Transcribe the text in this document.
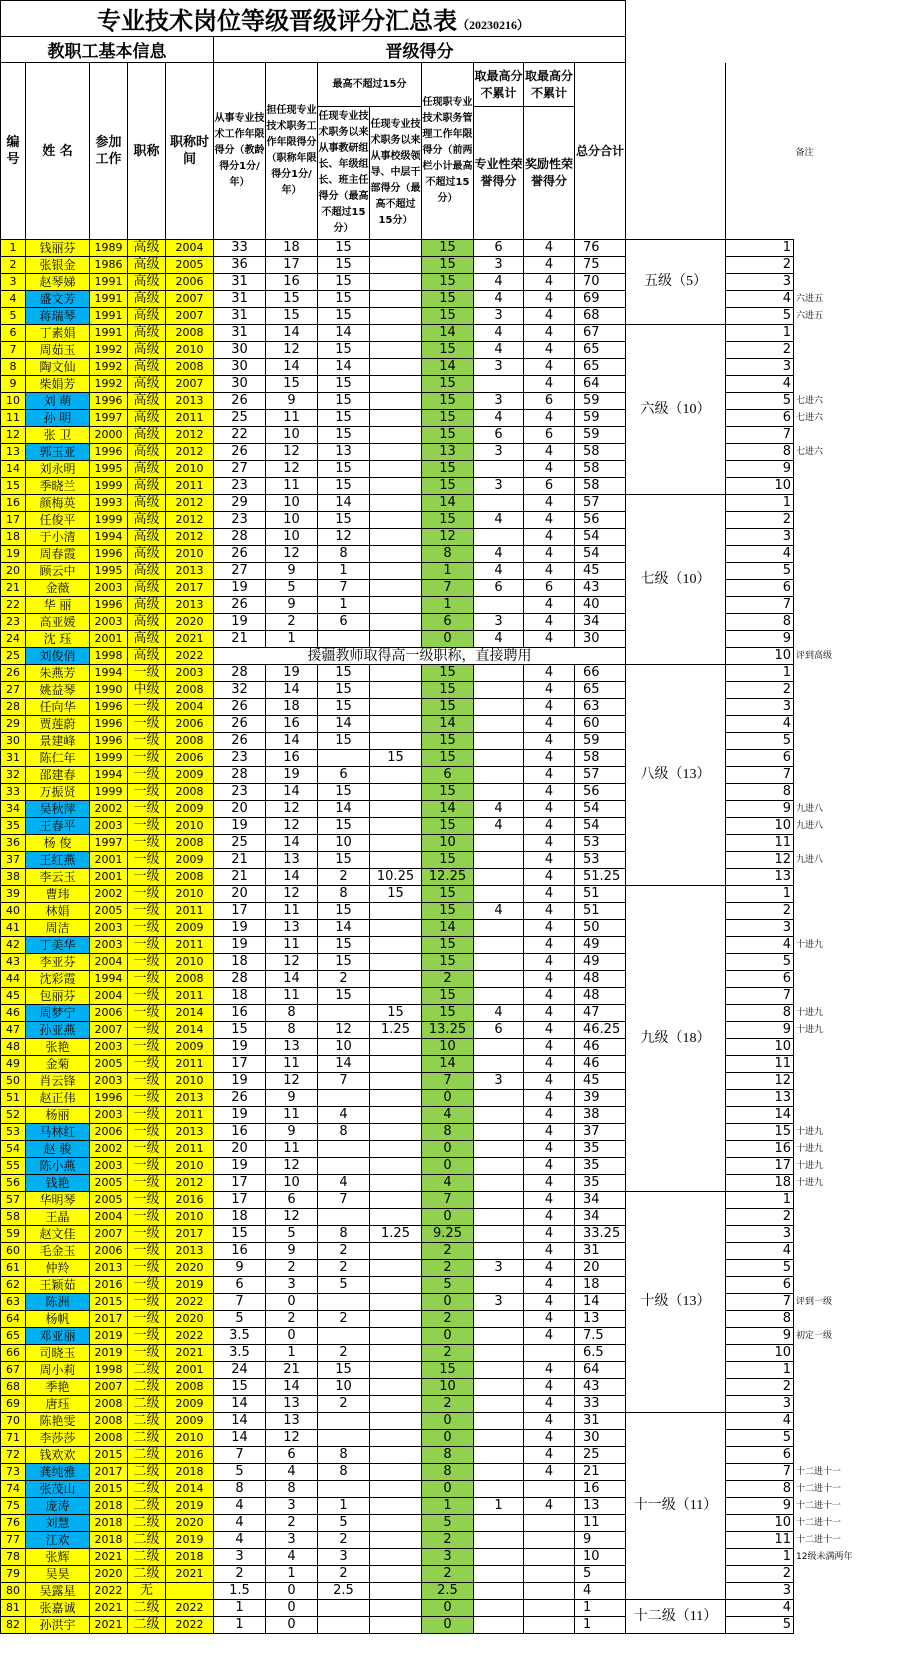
专业技术岗位等级晋级评分汇总表（20230216）															
教职工基本信息					晋级得分										
编号	姓 名	参加工作	职称	职称时间	从事专业技术工作年限得分（教龄得分1分/年）	担任现专业技术职务工作年限得分（职称年限得分1分/年）	最高不超过15分		任现职专业技术职务管理工作年限得分（前两栏小计最高不超过15分）	取最高分不累计	取最高分不累计	总分合计			备注
							任现专业技术职务以来从事教研组长、年级组长、班主任得分（最高不超过15分）	任现专业技术职务以来从事校级领导、中层干部得分（最高不超过15分）		专业性荣誉得分	奖励性荣誉得分				
1	钱丽芬	1989	高级	2004	33	18	15		15	6	4	76	五级（5）	1	
2	张银金	1986	高级	2005	36	17	15		15	3	4	75		2	
3	赵琴娣	1991	高级	2006	31	16	15		15	4	4	70		3	
4	盛文芳	1991	高级	2007	31	15	15		15	4	4	69		4	六进五
5	蒋瑞琴	1991	高级	2007	31	15	15		15	3	4	68		5	六进五
6	丁素娟	1991	高级	2008	31	14	14		14	4	4	67	六级（10）	1	
7	周茹玉	1992	高级	2010	30	12	15		15	4	4	65		2	
8	陶文仙	1992	高级	2008	30	14	14		14	3	4	65		3	
9	柴娟芳	1992	高级	2007	30	15	15		15		4	64		4	
10	刘 萌	1996	高级	2013	26	9	15		15	3	6	59		5	七进六
11	孙 明	1997	高级	2011	25	11	15		15	4	4	59		6	七进六
12	张 卫	2000	高级	2012	22	10	15		15	6	6	59		7	
13	郭玉亚	1996	高级	2012	26	12	13		13	3	4	58		8	七进六
14	刘永明	1995	高级	2010	27	12	15		15		4	58		9	
15	季晓兰	1999	高级	2011	23	11	15		15	3	6	58		10	
16	颜梅英	1993	高级	2012	29	10	14		14		4	57	七级（10）	1	
17	任俊平	1999	高级	2012	23	10	15		15	4	4	56		2	
18	于小清	1994	高级	2012	28	10	12		12		4	54		3	
19	周春霞	1996	高级	2010	26	12	8		8	4	4	54		4	
20	顾云中	1995	高级	2013	27	9	1		1	4	4	45		5	
21	金薇	2003	高级	2017	19	5	7		7	6	6	43		6	
22	华 丽	1996	高级	2013	26	9	1		1		4	40		7	
23	高亚媛	2003	高级	2020	19	2	6		6	3	4	34		8	
24	沈 珏	2001	高级	2021	21	1			0	4	4	30		9	
25	刘俊俏	1998	高级	2022	援疆教师取得高一级职称，直接聘用									10	评到高级
26	朱燕芳	1994	一级	2003	28	19	15		15		4	66	八级（13）	1	
27	姚益琴	1990	中级	2008	32	14	15		15		4	65		2	
28	任向华	1996	一级	2004	26	18	15		15		4	63		3	
29	贾莲蔚	1996	一级	2006	26	16	14		14		4	60		4	
30	景建峰	1996	一级	2008	26	14	15		15		4	59		5	
31	陈仁年	1999	一级	2006	23	16		15	15		4	58		6	
32	邵建春	1994	一级	2009	28	19	6		6		4	57		7	
33	万振贤	1999	一级	2008	23	14	15		15		4	56		8	
34	吴秋萍	2002	一级	2009	20	12	14		14	4	4	54		9	九进八
35	王春平	2003	一级	2010	19	12	15		15	4	4	54		10	九进八
36	杨 俊	1997	一级	2008	25	14	10		10		4	53		11	
37	王红燕	2001	一级	2009	21	13	15		15		4	53		12	九进八
38	李云玉	2001	一级	2008	21	14	2	10.25	12.25		4	51.25		13	
39	曹玮	2002	一级	2010	20	12	8	15	15		4	51	九级（18）	1	
40	林娟	2005	一级	2011	17	11	15		15	4	4	51		2	
41	周洁	2003	一级	2009	19	13	14		14		4	50		3	
42	丁美华	2003	一级	2011	19	11	15		15		4	49		4	十进九
43	李亚芬	2004	一级	2010	18	12	15		15		4	49		5	
44	沈彩霞	1994	一级	2008	28	14	2		2		4	48		6	
45	包丽芬	2004	一级	2011	18	11	15		15		4	48		7	
46	周梦宁	2006	一级	2014	16	8		15	15	4	4	47		8	十进九
47	孙亚燕	2007	一级	2014	15	8	12	1.25	13.25	6	4	46.25		9	十进九
48	张艳	2003	一级	2009	19	13	10		10		4	46		10	
49	金菊	2005	一级	2011	17	11	14		14		4	46		11	
50	肖云锋	2003	一级	2010	19	12	7		7	3	4	45		12	
51	赵正伟	1996	一级	2013	26	9			0		4	39		13	
52	杨丽	2003	一级	2011	19	11	4		4		4	38		14	
53	马林红	2006	一级	2013	16	9	8		8		4	37		15	十进九
54	赵 骏	2002	一级	2011	20	11			0		4	35		16	十进九
55	陈小燕	2003	一级	2010	19	12			0		4	35		17	十进九
56	钱艳	2005	一级	2012	17	10	4		4		4	35		18	十进九
57	华明琴	2005	一级	2016	17	6	7		7		4	34	十级（13）	1	
58	王晶	2004	一级	2010	18	12			0		4	34		2	
59	赵文佳	2007	一级	2017	15	5	8	1.25	9.25		4	33.25		3	
60	毛金玉	2006	一级	2013	16	9	2		2		4	31		4	
61	仲羚	2013	一级	2020	9	2	2		2	3	4	20		5	
62	王颖茹	2016	一级	2019	6	3	5		5		4	18		6	
63	陈洲	2015	一级	2022	7	0			0	3	4	14		7	评到一级
64	杨帆	2017	一级	2020	5	2	2		2		4	13		8	
65	邓亚丽	2019	一级	2022	3.5	0			0		4	7.5		9	初定一级
66	司晓玉	2019	一级	2021	3.5	1	2		2			6.5		10	
67	周小莉	1998	二级	2001	24	21	15		15		4	64		1	
68	季艳	2007	二级	2008	15	14	10		10		4	43		2	
69	唐珏	2008	二级	2009	14	13	2		2		4	33		3	
70	陈艳雯	2008	二级	2009	14	13			0		4	31	十一级（11）	4	
71	李莎莎	2008	二级	2010	14	12			0		4	30		5	
72	钱欢欢	2015	二级	2016	7	6	8		8		4	25		6	
73	龚纯雅	2017	二级	2018	5	4	8		8		4	21		7	十二进十一
74	张茂山	2015	二级	2014	8	8			0			16		8	十二进十一
75	庞涛	2018	二级	2019	4	3	1		1	1	4	13		9	十二进十一
76	刘慧	2018	二级	2020	4	2	5		5			11		10	十二进十一
77	江欢	2018	二级	2019	4	3	2		2			9		11	十二进十一
78	张辉	2021	二级	2018	3	4	3		3			10		1	12级未满两年
79	吴昊	2020	二级	2021	2	1	2		2			5		2	
80	吴露星	2022	无		1.5	0	2.5		2.5			4		3	
81	张嘉诚	2021	二级	2022	1	0			0			1	十二级（11）	4	
82	孙洪宇	2021	二级	2022	1	0			0			1		5	
